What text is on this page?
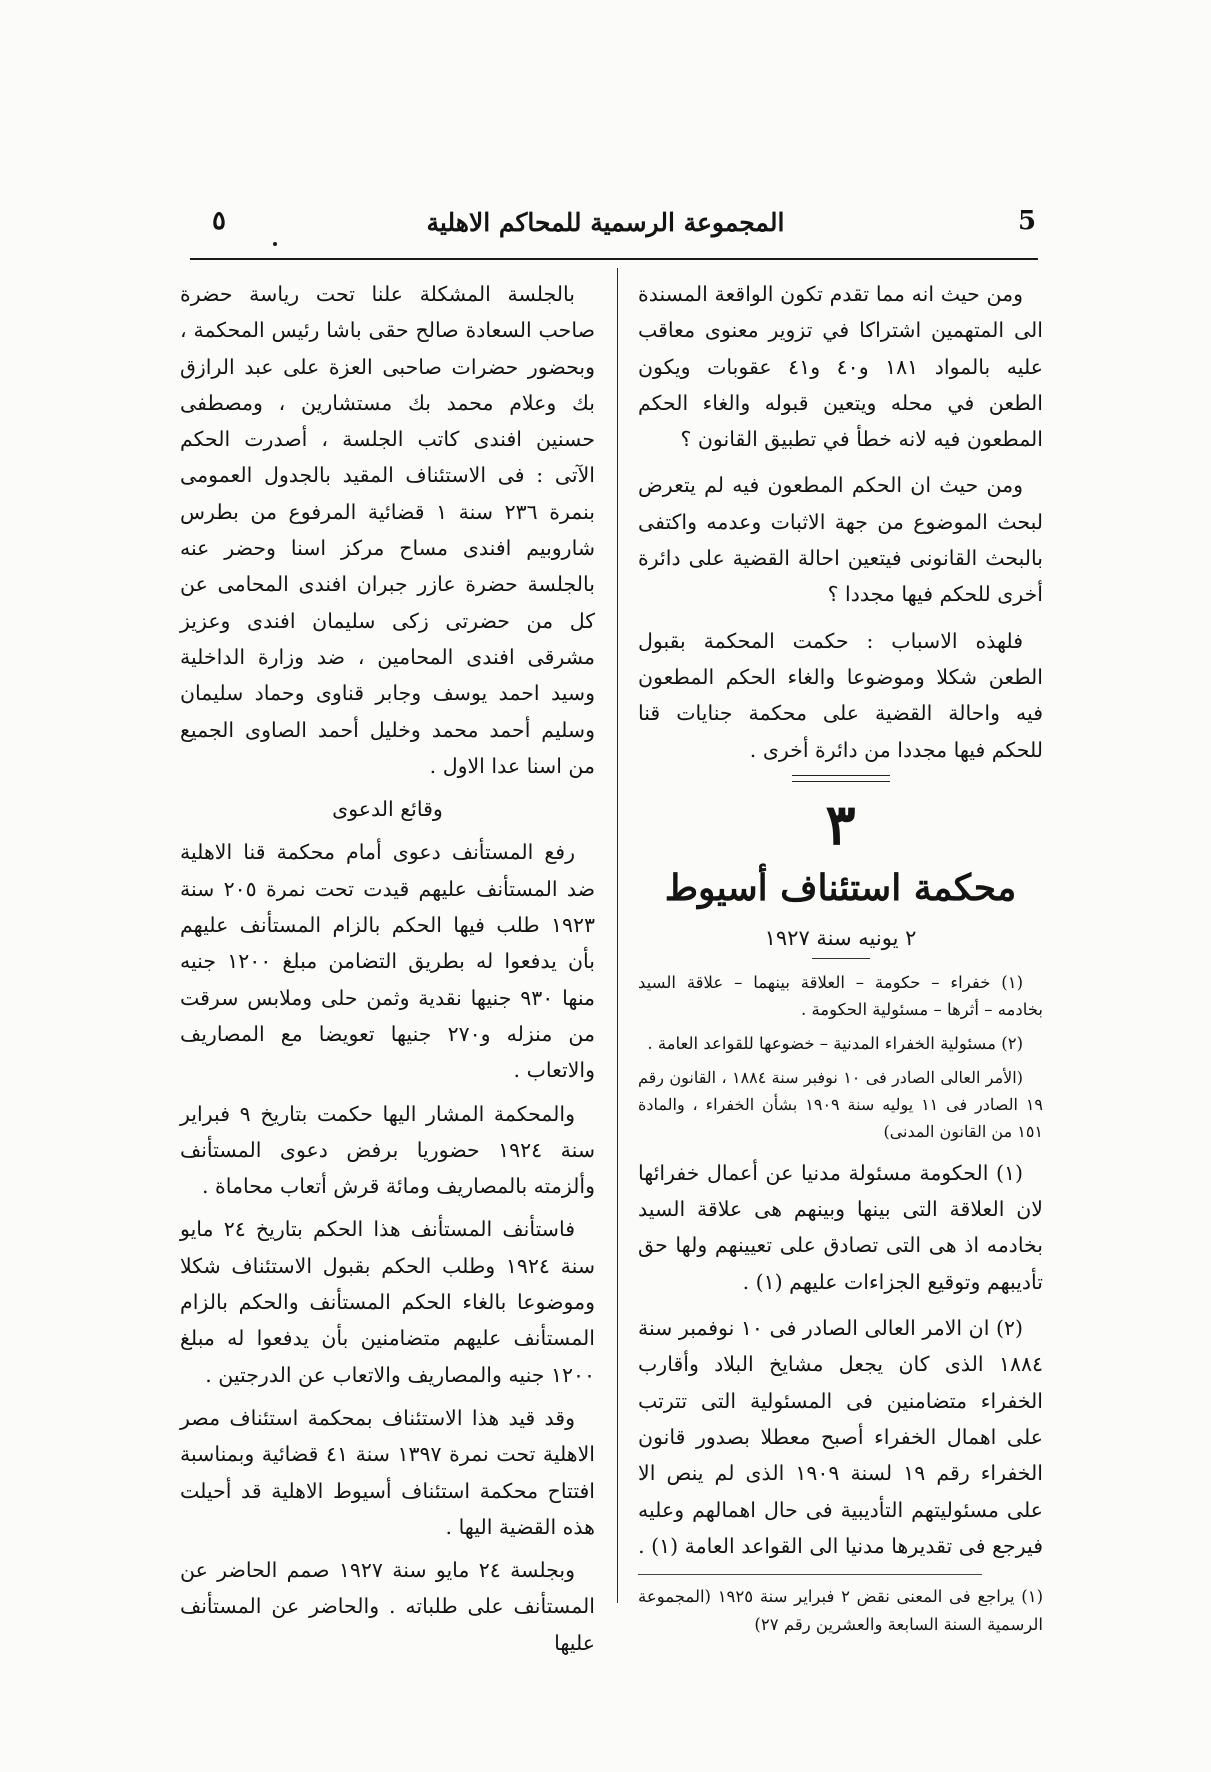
5
المجموعة الرسمية للمحاكم الاهلية
٥

ومن حيث انه مما تقدم تكون الواقعة المسندة الى المتهمين اشتراكا في تزوير معنوى معاقب عليه بالمواد ١٨١ و٤٠ و٤١ عقوبات ويكون الطعن في محله ويتعين قبوله والغاء الحكم المطعون فيه لانه خطأ في تطبيق القانون ؟

ومن حيث ان الحكم المطعون فيه لم يتعرض لبحث الموضوع من جهة الاثبات وعدمه واكتفى بالبحث القانونى فيتعين احالة القضية على دائرة أخرى للحكم فيها مجددا ؟

فلهذه الاسباب : حكمت المحكمة بقبول الطعن شكلا وموضوعا والغاء الحكم المطعون فيه واحالة القضية على محكمة جنايات قنا للحكم فيها مجددا من دائرة أخرى .

٣
محكمة استئناف أسيوط
٢ يونيه سنة ١٩٢٧

(١) خفراء – حكومة – العلاقة بينهما – علاقة السيد بخادمه – أثرها – مسئولية الحكومة .

(٢) مسئولية الخفراء المدنية – خضوعها للقواعد العامة .

(الأمر العالى الصادر فى ١٠ نوفبر سنة ١٨٨٤ ، القانون رقم ١٩ الصادر فى ١١ يوليه سنة ١٩٠٩ بشأن الخفراء ، والمادة ١٥١ من القانون المدنى)

(١) الحكومة مسئولة مدنيا عن أعمال خفرائها لان العلاقة التى بينها وبينهم هى علاقة السيد بخادمه اذ هى التى تصادق على تعيينهم ولها حق تأديبهم وتوقيع الجزاءات عليهم (١) .

(٢) ان الامر العالى الصادر فى ١٠ نوفمبر سنة ١٨٨٤ الذى كان يجعل مشايخ البلاد وأقارب الخفراء متضامنين فى المسئولية التى تترتب على اهمال الخفراء أصبح معطلا بصدور قانون الخفراء رقم ١٩ لسنة ١٩٠٩ الذى لم ينص الا على مسئوليتهم التأديبية فى حال اهمالهم وعليه فيرجع فى تقديرها مدنيا الى القواعد العامة (١) .

(١) يراجع فى المعنى نقض ٢ فبراير سنة ١٩٢٥ (المجموعة الرسمية السنة السابعة والعشرين رقم ٢٧)

بالجلسة المشكلة علنا تحت رياسة حضرة صاحب السعادة صالح حقى باشا رئيس المحكمة ، وبحضور حضرات صاحبى العزة على عبد الرازق بك وعلام محمد بك مستشارين ، ومصطفى حسنين افندى كاتب الجلسة ، أصدرت الحكم الآتى : فى الاستئناف المقيد بالجدول العمومى بنمرة ٢٣٦ سنة ١ قضائية المرفوع من بطرس شاروبيم افندى مساح مركز اسنا وحضر عنه بالجلسة حضرة عازر جبران افندى المحامى عن كل من حضرتى زكى سليمان افندى وعزيز مشرقى افندى المحامين ، ضد وزارة الداخلية وسيد احمد يوسف وجابر قناوى وحماد سليمان وسليم أحمد محمد وخليل أحمد الصاوى الجميع من اسنا عدا الاول .

وقائع الدعوى

رفع المستأنف دعوى أمام محكمة قنا الاهلية ضد المستأنف عليهم قيدت تحت نمرة ٢٠٥ سنة ١٩٢٣ طلب فيها الحكم بالزام المستأنف عليهم بأن يدفعوا له بطريق التضامن مبلغ ١٢٠٠ جنيه منها ٩٣٠ جنيها نقدية وثمن حلى وملابس سرقت من منزله و٢٧٠ جنيها تعويضا مع المصاريف والاتعاب .

والمحكمة المشار اليها حكمت بتاريخ ٩ فبراير سنة ١٩٢٤ حضوريا برفض دعوى المستأنف وألزمته بالمصاريف ومائة قرش أتعاب محاماة .

فاستأنف المستأنف هذا الحكم بتاريخ ٢٤ مايو سنة ١٩٢٤ وطلب الحكم بقبول الاستئناف شكلا وموضوعا بالغاء الحكم المستأنف والحكم بالزام المستأنف عليهم متضامنين بأن يدفعوا له مبلغ ١٢٠٠ جنيه والمصاريف والاتعاب عن الدرجتين .

وقد قيد هذا الاستئناف بمحكمة استئناف مصر الاهلية تحت نمرة ١٣٩٧ سنة ٤١ قضائية وبمناسبة افتتاح محكمة استئناف أسيوط الاهلية قد أحيلت هذه القضية اليها .

وبجلسة ٢٤ مايو سنة ١٩٢٧ صمم الحاضر عن المستأنف على طلباته . والحاضر عن المستأنف عليها
